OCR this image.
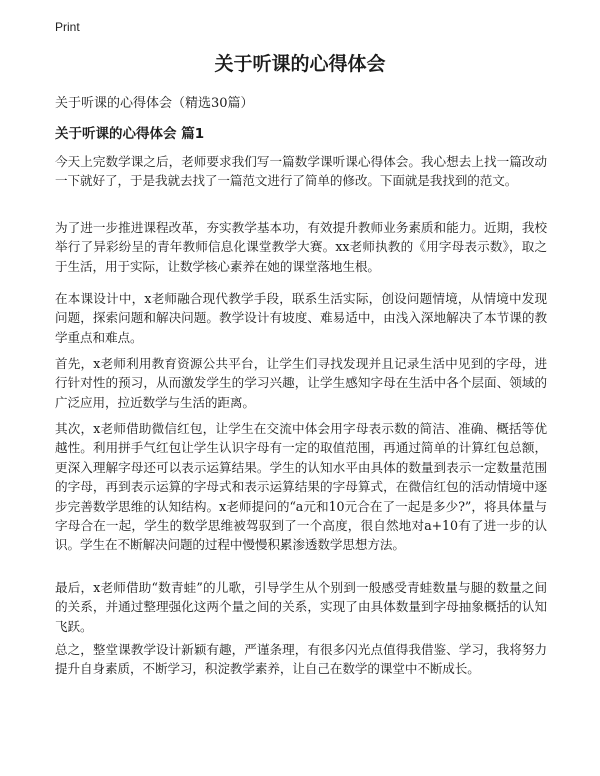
Print
关于听课的心得体会

关于听课的心得体会（精选30篇）

关于听课的心得体会 篇1

今天上完数学课之后，老师要求我们写一篇数学课听课心得体会。我心想去上找一篇改动一下就好了，于是我就去找了一篇范文进行了简单的修改。下面就是我找到的范文。

为了进一步推进课程改革，夯实教学基本功，有效提升教师业务素质和能力。近期，我校举行了异彩纷呈的青年教师信息化课堂教学大赛。xx老师执教的《用字母表示数》，取之于生活，用于实际，让数学核心素养在她的课堂落地生根。

在本课设计中，x老师融合现代教学手段，联系生活实际，创设问题情境，从情境中发现问题，探索问题和解决问题。教学设计有坡度、难易适中，由浅入深地解决了本节课的教学重点和难点。

首先，x老师利用教育资源公共平台，让学生们寻找发现并且记录生活中见到的字母，进行针对性的预习，从而激发学生的学习兴趣，让学生感知字母在生活中各个层面、领域的广泛应用，拉近数学与生活的距离。

其次，x老师借助微信红包，让学生在交流中体会用字母表示数的简洁、准确、概括等优越性。利用拼手气红包让学生认识字母有一定的取值范围，再通过简单的计算红包总额，更深入理解字母还可以表示运算结果。学生的认知水平由具体的数量到表示一定数量范围的字母，再到表示运算的字母式和表示运算结果的字母算式，在微信红包的活动情境中逐步完善数学思维的认知结构。x老师提问的“a元和10元合在了一起是多少?”，将具体量与字母合在一起，学生的数学思维被驾驭到了一个高度，很自然地对a+10有了进一步的认识。学生在不断解决问题的过程中慢慢积累渗透数学思想方法。

最后，x老师借助“数青蛙”的儿歌，引导学生从个别到一般感受青蛙数量与腿的数量之间的关系，并通过整理强化这两个量之间的关系，实现了由具体数量到字母抽象概括的认知飞跃。

总之，整堂课教学设计新颖有趣，严谨条理，有很多闪光点值得我借鉴、学习，我将努力提升自身素质，不断学习，积淀教学素养，让自己在数学的课堂中不断成长。
